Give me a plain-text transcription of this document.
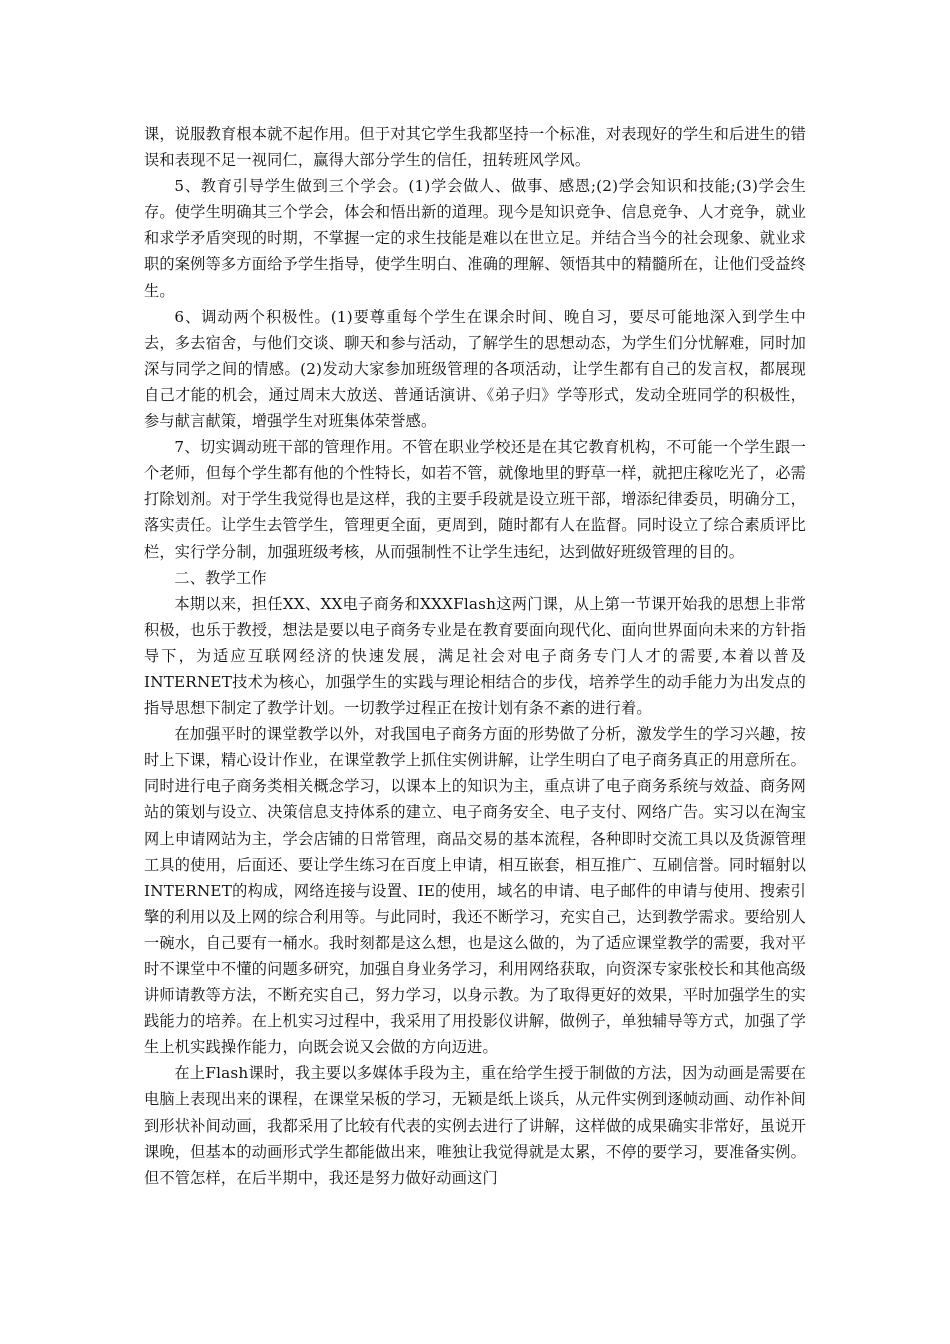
课，说服教育根本就不起作用。但于对其它学生我都坚持一个标准，对表现好的学生和后进生的错误和表现不足一视同仁，赢得大部分学生的信任，扭转班风学风。

5、教育引导学生做到三个学会。(1)学会做人、做事、感恩;(2)学会知识和技能;(3)学会生存。使学生明确其三个学会，体会和悟出新的道理。现今是知识竞争、信息竞争、人才竞争，就业和求学矛盾突现的时期，不掌握一定的求生技能是难以在世立足。并结合当今的社会现象、就业求职的案例等多方面给予学生指导，使学生明白、准确的理解、领悟其中的精髓所在，让他们受益终生。

6、调动两个积极性。(1)要尊重每个学生在课余时间、晚自习，要尽可能地深入到学生中去，多去宿舍，与他们交谈、聊天和参与活动，了解学生的思想动态，为学生们分忧解难，同时加深与同学之间的情感。(2)发动大家参加班级管理的各项活动，让学生都有自己的发言权，都展现自己才能的机会，通过周末大放送、普通话演讲、《弟子归》学等形式，发动全班同学的积极性，参与献言献策，增强学生对班集体荣誉感。

7、切实调动班干部的管理作用。不管在职业学校还是在其它教育机构，不可能一个学生跟一个老师，但每个学生都有他的个性特长，如若不管，就像地里的野草一样，就把庄稼吃光了，必需打除划剂。对于学生我觉得也是这样，我的主要手段就是设立班干部，增添纪律委员，明确分工，落实责任。让学生去管学生，管理更全面，更周到，随时都有人在监督。同时设立了综合素质评比栏，实行学分制，加强班级考核，从而强制性不让学生违纪，达到做好班级管理的目的。

二、教学工作

本期以来，担任XX、XX电子商务和XXXFlash这两门课，从上第一节课开始我的思想上非常积极，也乐于教授，想法是要以电子商务专业是在教育要面向现代化、面向世界面向未来的方针指导下，为适应互联网经济的快速发展，满足社会对电子商务专门人才的需要,本着以普及INTERNET技术为核心，加强学生的实践与理论相结合的步伐，培养学生的动手能力为出发点的指导思想下制定了教学计划。一切教学过程正在按计划有条不紊的进行着。

在加强平时的课堂教学以外，对我国电子商务方面的形势做了分析，激发学生的学习兴趣，按时上下课，精心设计作业，在课堂教学上抓住实例讲解，让学生明白了电子商务真正的用意所在。同时进行电子商务类相关概念学习，以课本上的知识为主，重点讲了电子商务系统与效益、商务网站的策划与设立、决策信息支持体系的建立、电子商务安全、电子支付、网络广告。实习以在淘宝网上申请网站为主，学会店铺的日常管理，商品交易的基本流程，各种即时交流工具以及货源管理工具的使用，后面还、要让学生练习在百度上申请，相互嵌套，相互推广、互刷信誉。同时辐射以INTERNET的构成，网络连接与设置、IE的使用，域名的申请、电子邮件的申请与使用、搜索引擎的利用以及上网的综合利用等。与此同时，我还不断学习，充实自己，达到教学需求。要给别人一碗水，自己要有一桶水。我时刻都是这么想，也是这么做的，为了适应课堂教学的需要，我对平时不课堂中不懂的问题多研究，加强自身业务学习，利用网络获取，向资深专家张校长和其他高级讲师请教等方法，不断充实自己，努力学习，以身示教。为了取得更好的效果，平时加强学生的实践能力的培养。在上机实习过程中，我采用了用投影仪讲解，做例子，单独辅导等方式，加强了学生上机实践操作能力，向既会说又会做的方向迈进。

在上Flash课时，我主要以多媒体手段为主，重在给学生授于制做的方法，因为动画是需要在电脑上表现出来的课程，在课堂呆板的学习，无颖是纸上谈兵，从元件实例到逐帧动画、动作补间到形状补间动画，我都采用了比较有代表的实例去进行了讲解，这样做的成果确实非常好，虽说开课晚，但基本的动画形式学生都能做出来，唯独让我觉得就是太累，不停的要学习，要准备实例。但不管怎样，在后半期中，我还是努力做好动画这门
